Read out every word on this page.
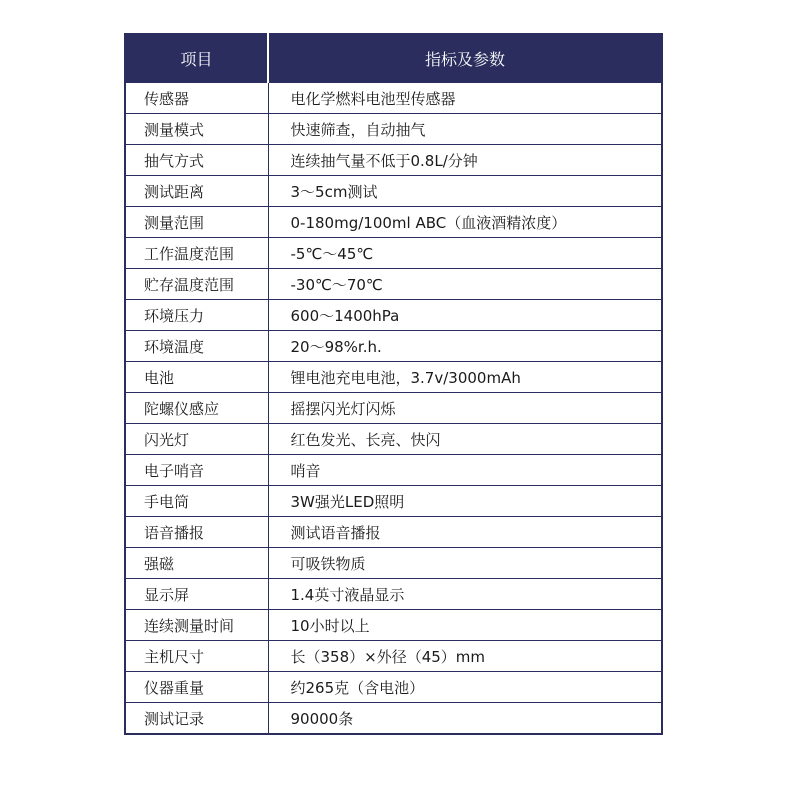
项目	指标及参数
传感器	电化学燃料电池型传感器
测量模式	快速筛查，自动抽气
抽气方式	连续抽气量不低于0.8L/分钟
测试距离	3～5cm测试
测量范围	0-180mg/100ml ABC（血液酒精浓度）
工作温度范围	-5℃～45℃
贮存温度范围	-30℃～70℃
环境压力	600～1400hPa
环境温度	20～98%r.h.
电池	锂电池充电电池，3.7v/3000mAh
陀螺仪感应	摇摆闪光灯闪烁
闪光灯	红色发光、长亮、快闪
电子哨音	哨音
手电筒	3W强光LED照明
语音播报	测试语音播报
强磁	可吸铁物质
显示屏	1.4英寸液晶显示
连续测量时间	10小时以上
主机尺寸	长（358）×外径（45）mm
仪器重量	约265克（含电池）
测试记录	90000条
